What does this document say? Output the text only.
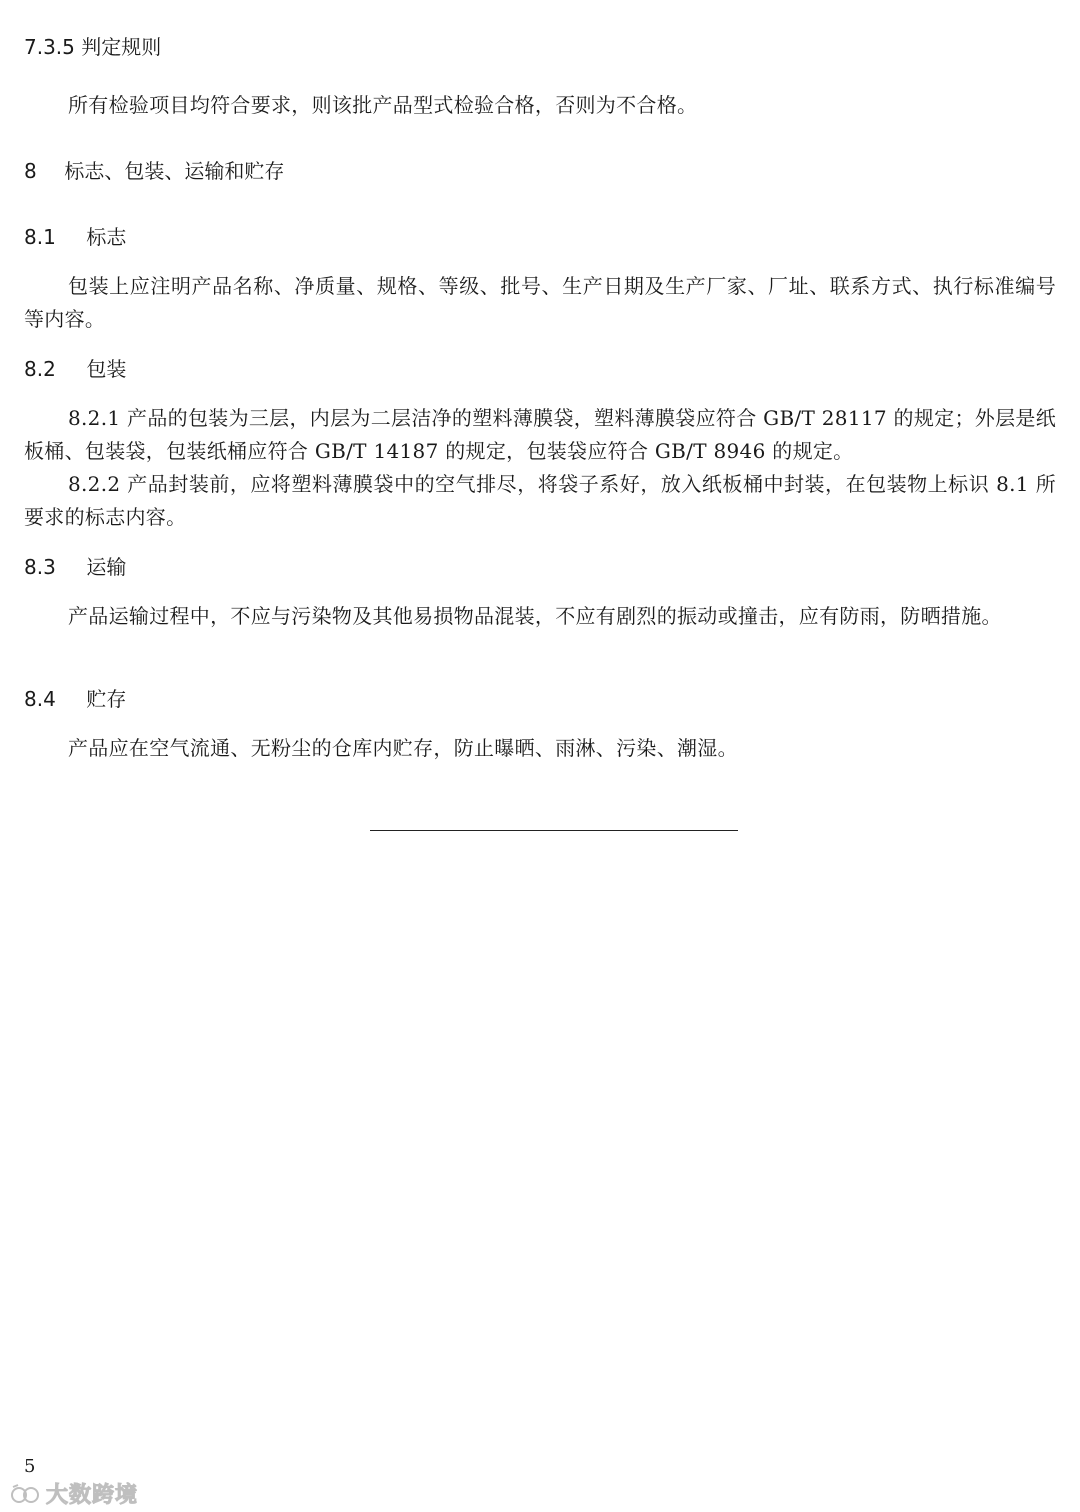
7.3.5 判定规则

所有检验项目均符合要求，则该批产品型式检验合格，否则为不合格。

8 标志、包装、运输和贮存
8.1 标志

包装上应注明产品名称、净质量、规格、等级、批号、生产日期及生产厂家、厂址、联系方式、执行标准编号等内容。

8.2 包装

8.2.1 产品的包装为三层，内层为二层洁净的塑料薄膜袋，塑料薄膜袋应符合 GB/T 28117 的规定；外层是纸板桶、包装袋，包装纸桶应符合 GB/T 14187 的规定，包装袋应符合 GB/T 8946 的规定。

8.2.2 产品封装前，应将塑料薄膜袋中的空气排尽，将袋子系好，放入纸板桶中封装，在包装物上标识 8.1 所要求的标志内容。

8.3 运输

产品运输过程中，不应与污染物及其他易损物品混装，不应有剧烈的振动或撞击，应有防雨，防晒措施。

8.4 贮存

产品应在空气流通、无粉尘的仓库内贮存，防止曝晒、雨淋、污染、潮湿。

5
大数跨境
